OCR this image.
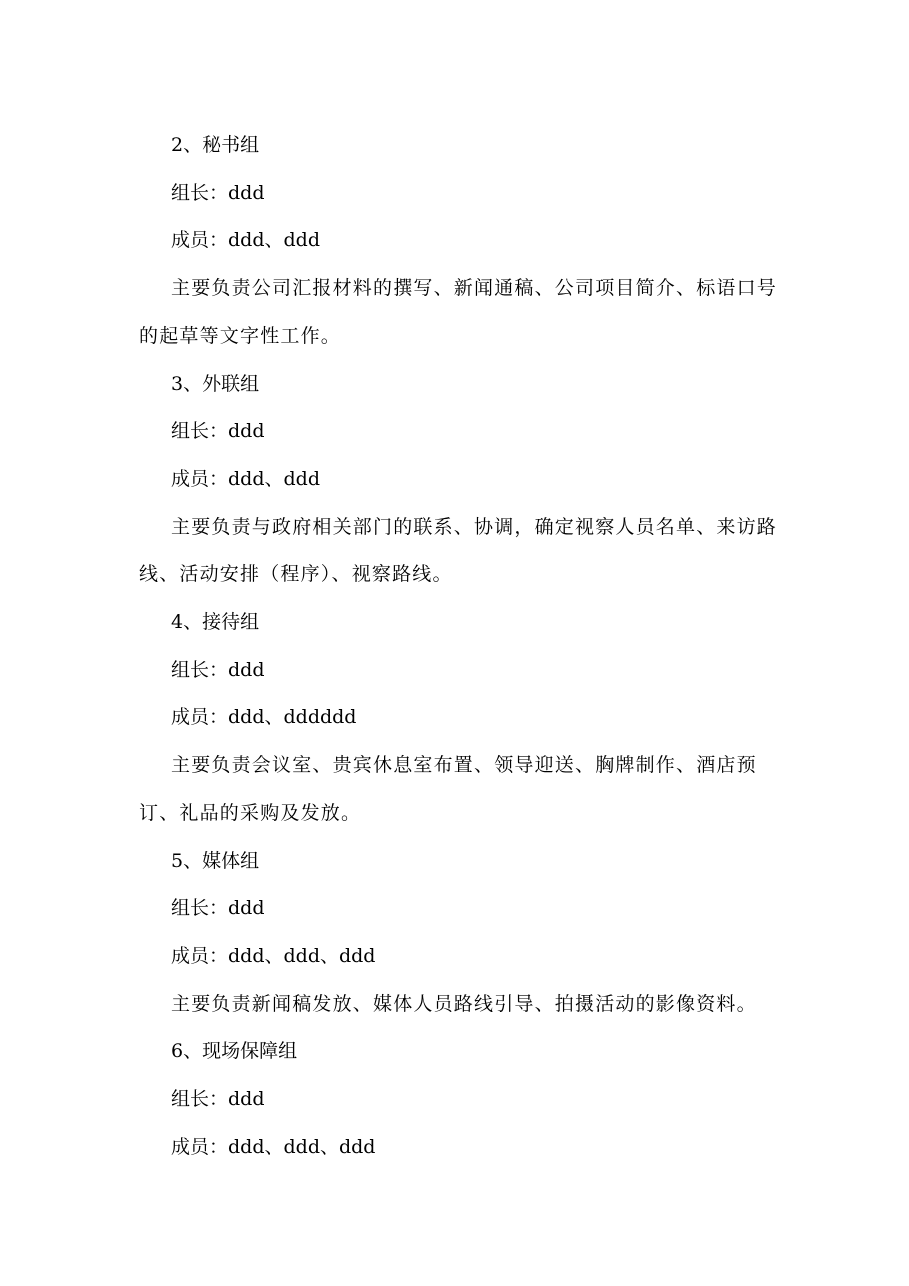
2、秘书组

组长：ddd

成员：ddd、ddd

主要负责公司汇报材料的撰写、新闻通稿、公司项目简介、标语口号的起草等文字性工作。

3、外联组

组长：ddd

成员：ddd、ddd

主要负责与政府相关部门的联系、协调，确定视察人员名单、来访路线、活动安排（程序）、视察路线。

4、接待组

组长：ddd

成员：ddd、dddddd

主要负责会议室、贵宾休息室布置、领导迎送、胸牌制作、酒店预订、礼品的采购及发放。

5、媒体组

组长：ddd

成员：ddd、ddd、ddd

主要负责新闻稿发放、媒体人员路线引导、拍摄活动的影像资料。

6、现场保障组

组长：ddd

成员：ddd、ddd、ddd
